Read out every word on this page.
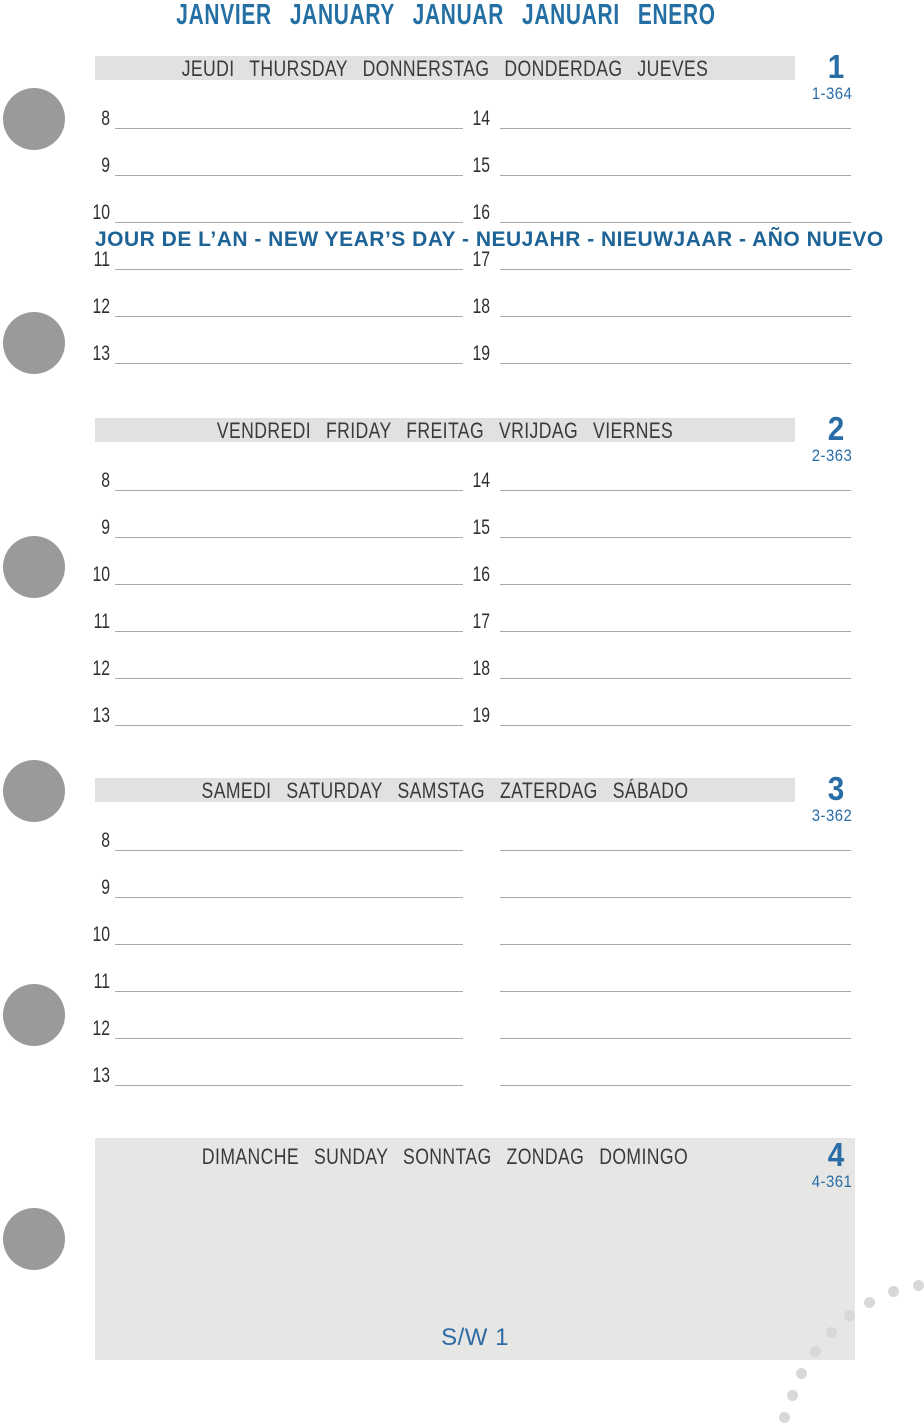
JANVIER JANUARY JANUAR JANUARI ENERO
JEUDI THURSDAY DONNERSTAG DONDERDAG JUEVES	1
1-364
8
9
10
11
12
13
14
15
16
17
18
19
JOUR DE L’AN - NEW YEAR’S DAY - NEUJAHR - NIEUWJAAR - AÑO NUEVO
VENDREDI FRIDAY FREITAG VRIJDAG VIERNES	2
2-363
8
9
10
11
12
13
14
15
16
17
18
19
SAMEDI SATURDAY SAMSTAG ZATERDAG SÁBADO	3
3-362
8
9
10
11
12
13
DIMANCHE SUNDAY SONNTAG ZONDAG DOMINGO	4
4-361
S/W 1
